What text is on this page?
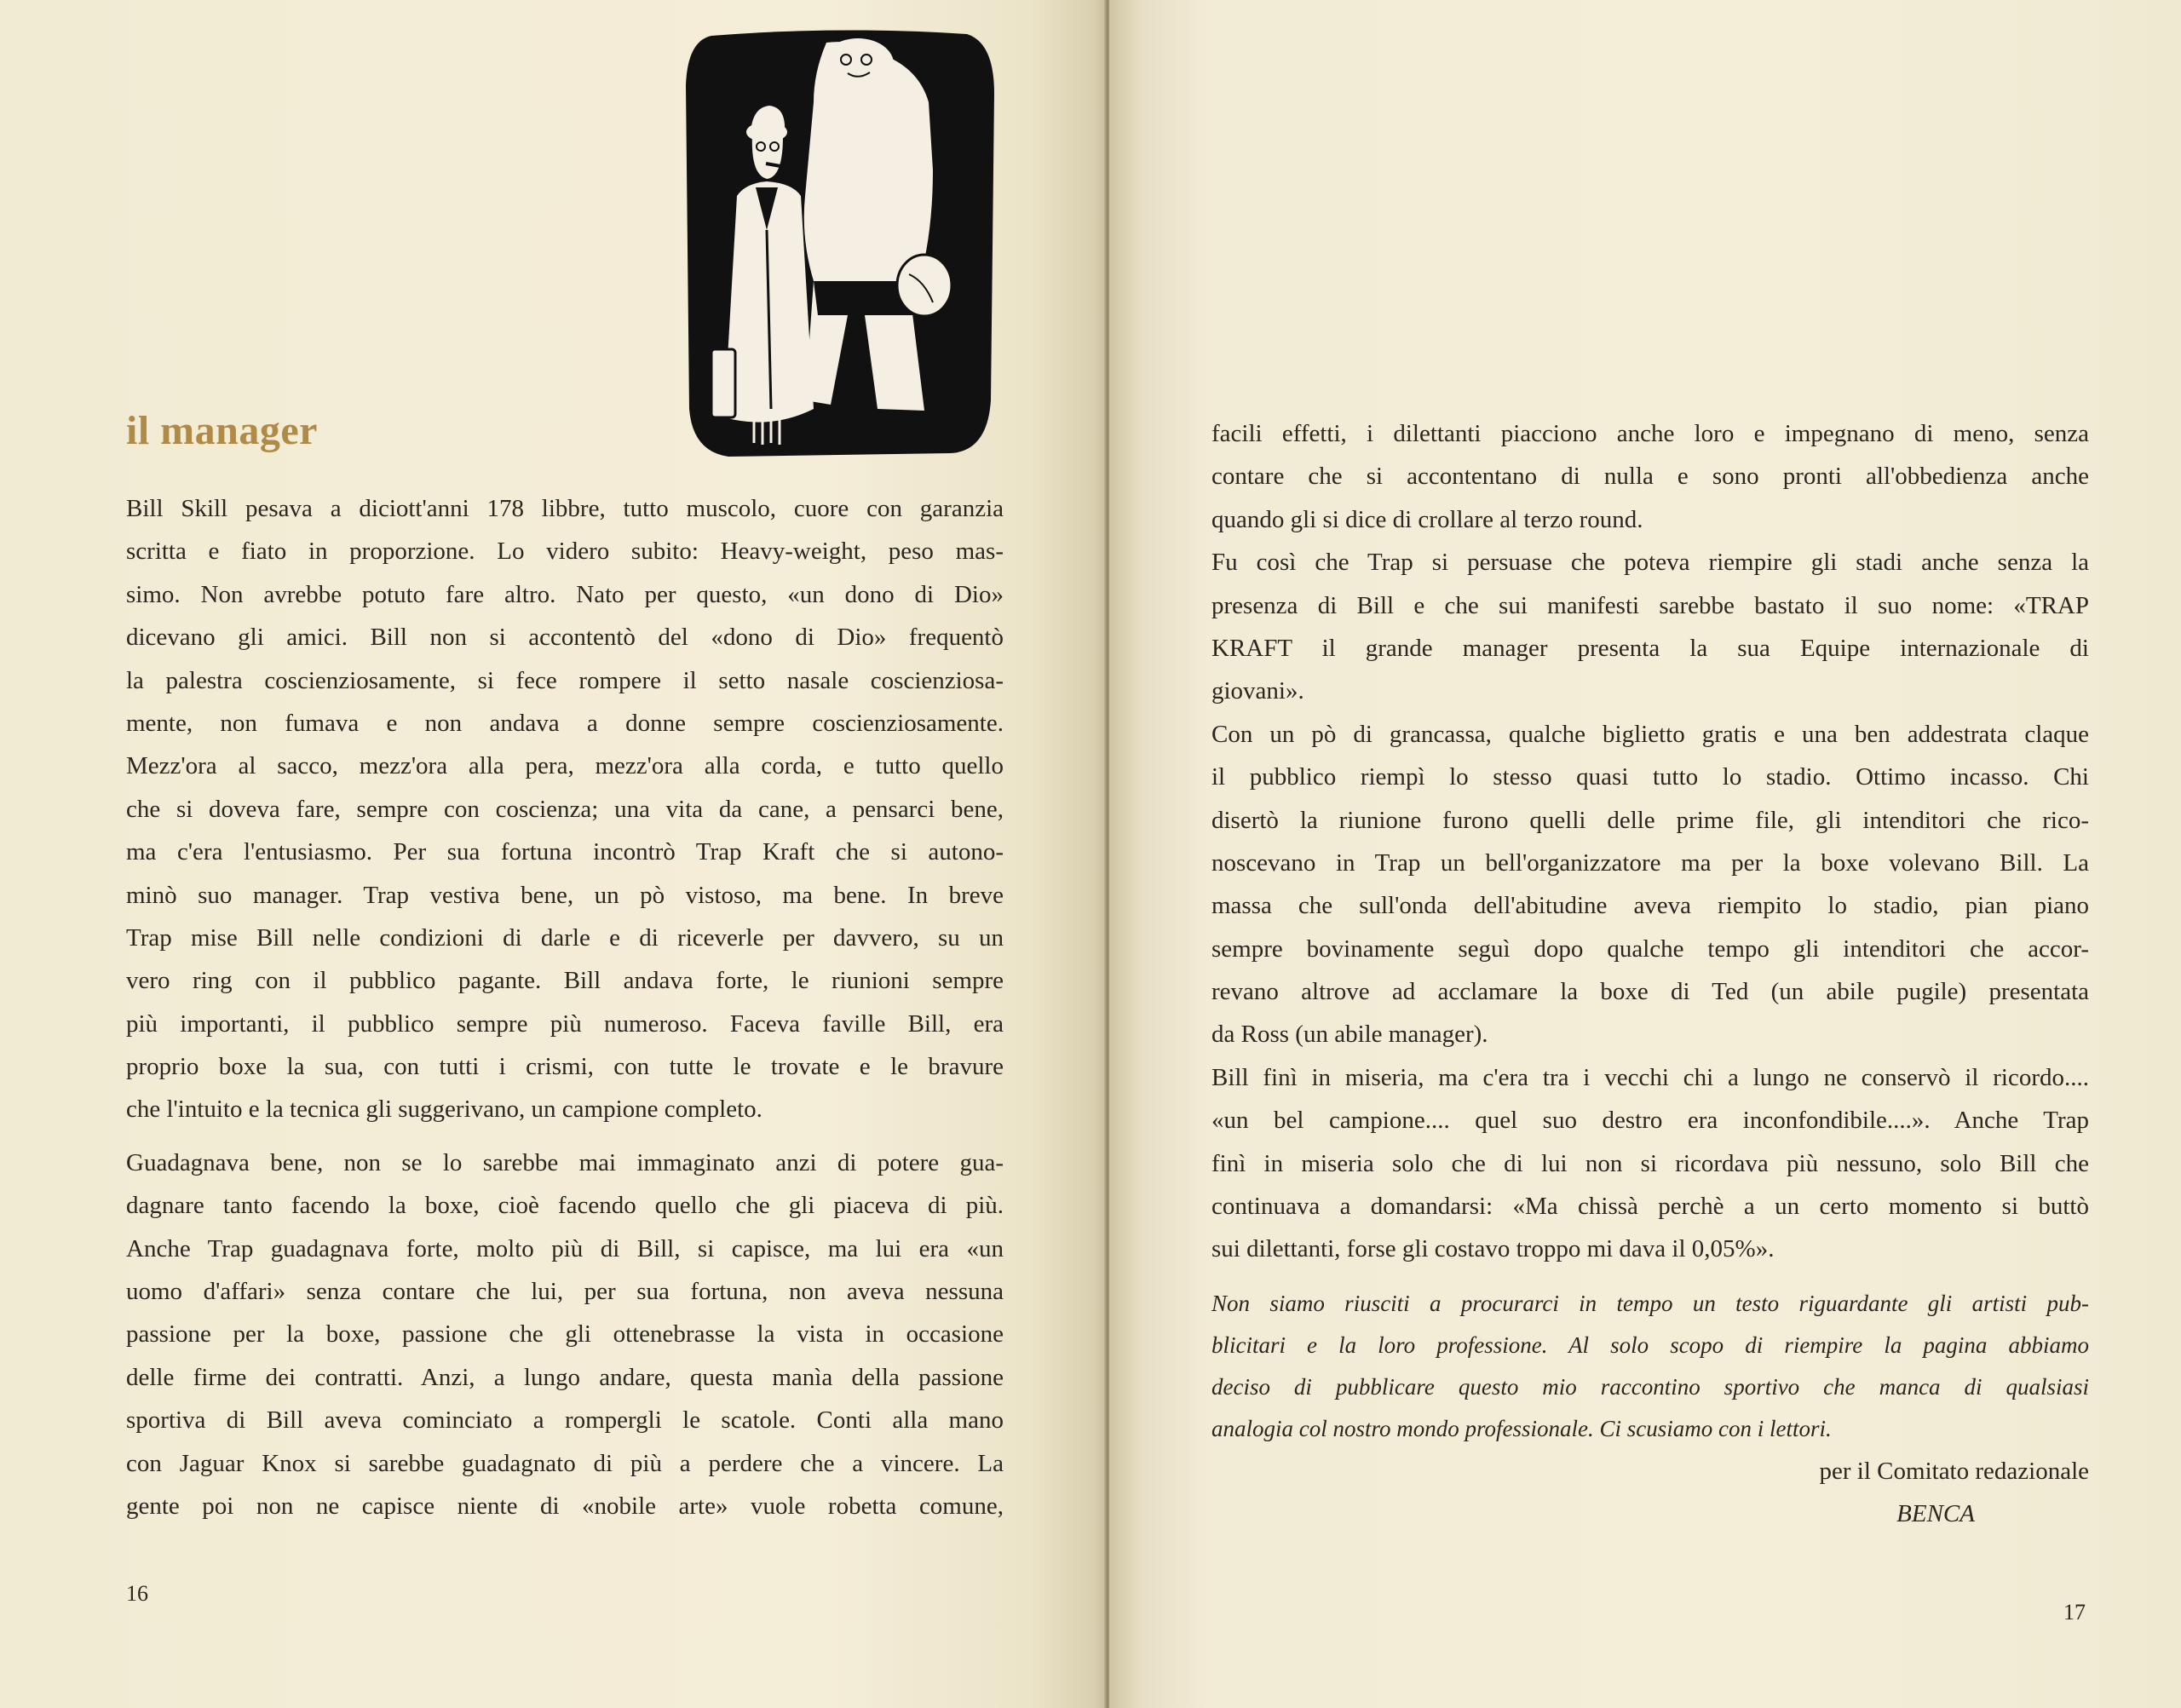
il manager
Bill Skill pesava a diciott'anni 178 libbre, tutto muscolo, cuore con garanzia
scritta e fiato in proporzione. Lo videro subito: Heavy-weight, peso mas-
simo. Non avrebbe potuto fare altro. Nato per questo, «un dono di Dio»
dicevano gli amici. Bill non si accontentò del «dono di Dio» frequentò
la palestra coscienziosamente, si fece rompere il setto nasale coscienziosa-
mente, non fumava e non andava a donne sempre coscienziosamente.
Mezz'ora al sacco, mezz'ora alla pera, mezz'ora alla corda, e tutto quello
che si doveva fare, sempre con coscienza; una vita da cane, a pensarci bene,
ma c'era l'entusiasmo. Per sua fortuna incontrò Trap Kraft che si autono-
minò suo manager. Trap vestiva bene, un pò vistoso, ma bene. In breve
Trap mise Bill nelle condizioni di darle e di riceverle per davvero, su un
vero ring con il pubblico pagante. Bill andava forte, le riunioni sempre
più importanti, il pubblico sempre più numeroso. Faceva faville Bill, era
proprio boxe la sua, con tutti i crismi, con tutte le trovate e le bravure
che l'intuito e la tecnica gli suggerivano, un campione completo.
Guadagnava bene, non se lo sarebbe mai immaginato anzi di potere gua-
dagnare tanto facendo la boxe, cioè facendo quello che gli piaceva di più.
Anche Trap guadagnava forte, molto più di Bill, si capisce, ma lui era «un
uomo d'affari» senza contare che lui, per sua fortuna, non aveva nessuna
passione per la boxe, passione che gli ottenebrasse la vista in occasione
delle firme dei contratti. Anzi, a lungo andare, questa manìa della passione
sportiva di Bill aveva cominciato a rompergli le scatole. Conti alla mano
con Jaguar Knox si sarebbe guadagnato di più a perdere che a vincere. La
gente poi non ne capisce niente di «nobile arte» vuole robetta comune,
16
facili effetti, i dilettanti piacciono anche loro e impegnano di meno, senza
contare che si accontentano di nulla e sono pronti all'obbedienza anche
quando gli si dice di crollare al terzo round.
Fu così che Trap si persuase che poteva riempire gli stadi anche senza la
presenza di Bill e che sui manifesti sarebbe bastato il suo nome: «TRAP
KRAFT il grande manager presenta la sua Equipe internazionale di
giovani».
Con un pò di grancassa, qualche biglietto gratis e una ben addestrata claque
il pubblico riempì lo stesso quasi tutto lo stadio. Ottimo incasso. Chi
disertò la riunione furono quelli delle prime file, gli intenditori che rico-
noscevano in Trap un bell'organizzatore ma per la boxe volevano Bill. La
massa che sull'onda dell'abitudine aveva riempito lo stadio, pian piano
sempre bovinamente seguì dopo qualche tempo gli intenditori che accor-
revano altrove ad acclamare la boxe di Ted (un abile pugile) presentata
da Ross (un abile manager).
Bill finì in miseria, ma c'era tra i vecchi chi a lungo ne conservò il ricordo....
«un bel campione.... quel suo destro era inconfondibile....». Anche Trap
finì in miseria solo che di lui non si ricordava più nessuno, solo Bill che
continuava a domandarsi: «Ma chissà perchè a un certo momento si buttò
sui dilettanti, forse gli costavo troppo mi dava il 0,05%».
Non siamo riusciti a procurarci in tempo un testo riguardante gli artisti pub-
blicitari e la loro professione. Al solo scopo di riempire la pagina abbiamo
deciso di pubblicare questo mio raccontino sportivo che manca di qualsiasi
analogia col nostro mondo professionale. Ci scusiamo con i lettori.
per il Comitato redazionale
BENCA
17
